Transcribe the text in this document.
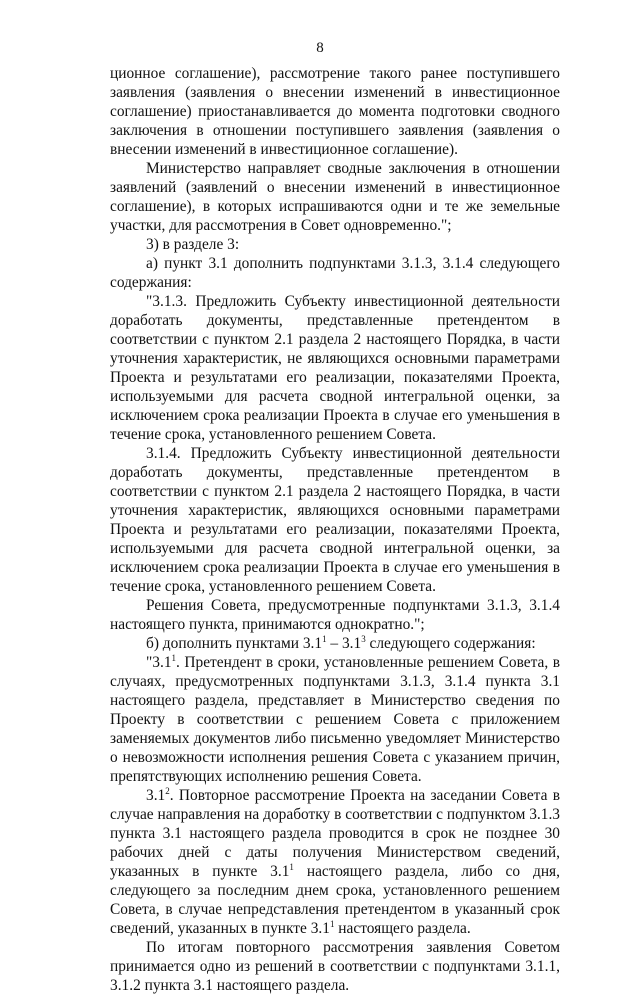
8

ционное соглашение), рассмотрение такого ранее поступившего заявления (заявления о внесении изменений в инвестиционное соглашение) приостанавливается до момента подготовки сводного заключения в отношении поступившего заявления (заявления о внесении изменений в инвестиционное соглашение).

Министерство направляет сводные заключения в отношении заявлений (заявлений о внесении изменений в инвестиционное соглашение), в которых испрашиваются одни и те же земельные участки, для рассмотрения в Совет одновременно.";

3) в разделе 3:

а) пункт 3.1 дополнить подпунктами 3.1.3, 3.1.4 следующего содержания:

"3.1.3. Предложить Субъекту инвестиционной деятельности доработать документы, представленные претендентом в соответствии с пунктом 2.1 раздела 2 настоящего Порядка, в части уточнения характеристик, не являющихся основными параметрами Проекта и результатами его реализации, показателями Проекта, используемыми для расчета сводной интегральной оценки, за исключением срока реализации Проекта в случае его уменьшения в течение срока, установленного решением Совета.

3.1.4. Предложить Субъекту инвестиционной деятельности доработать документы, представленные претендентом в соответствии с пунктом 2.1 раздела 2 настоящего Порядка, в части уточнения характеристик, являющихся основными параметрами Проекта и результатами его реализации, показателями Проекта, используемыми для расчета сводной интегральной оценки, за исключением срока реализации Проекта в случае его уменьшения в течение срока, установленного решением Совета.

Решения Совета, предусмотренные подпунктами 3.1.3, 3.1.4 настоящего пункта, принимаются однократно.";

б) дополнить пунктами $3.1^1 - 3.1^3$ следующего содержания:

"$3.1^1$. Претендент в сроки, установленные решением Совета, в случаях, предусмотренных подпунктами 3.1.3, 3.1.4 пункта 3.1 настоящего раздела, представляет в Министерство сведения по Проекту в соответствии с решением Совета с приложением заменяемых документов либо письменно уведомляет Министерство о невозможности исполнения решения Совета с указанием причин, препятствующих исполнению решения Совета.

$3.1^2$. Повторное рассмотрение Проекта на заседании Совета в случае направления на доработку в соответствии с подпунктом 3.1.3 пункта 3.1 настоящего раздела проводится в срок не позднее 30 рабочих дней с даты получения Министерством сведений, указанных в пункте $3.1^1$ настоящего раздела, либо со дня, следующего за последним днем срока, установленного решением Совета, в случае непредставления претендентом в указанный срок сведений, указанных в пункте $3.1^1$ настоящего раздела.

По итогам повторного рассмотрения заявления Советом принимается одно из решений в соответствии с подпунктами 3.1.1, 3.1.2 пункта 3.1 настоящего раздела.
